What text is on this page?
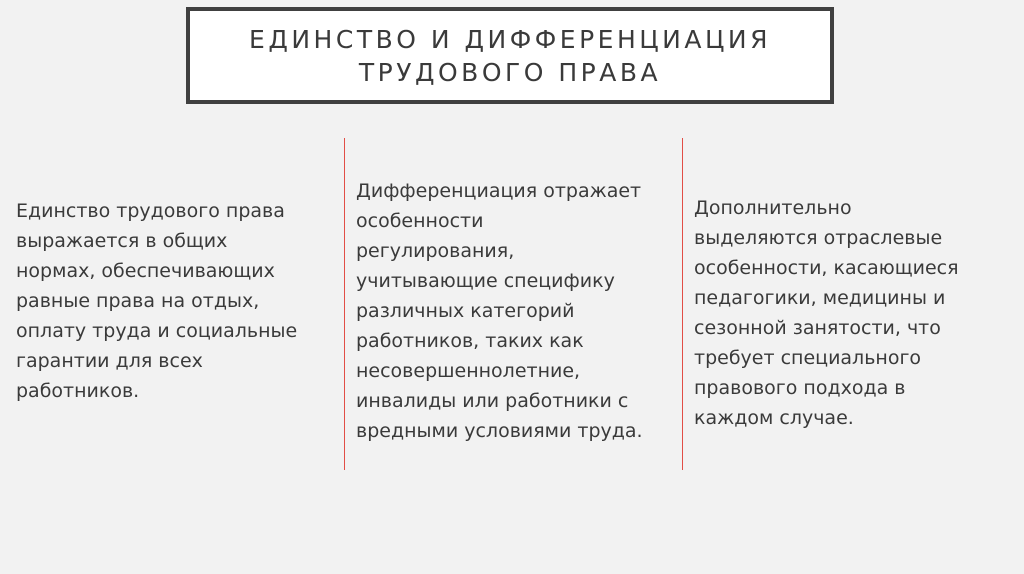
ЕДИНСТВО И ДИФФЕРЕНЦИАЦИЯ
ТРУДОВОГО ПРАВА
Единство трудового права
выражается в общих
нормах, обеспечивающих
равные права на отдых,
оплату труда и социальные
гарантии для всех
работников.
Дифференциация отражает
особенности
регулирования,
учитывающие специфику
различных категорий
работников, таких как
несовершеннолетние,
инвалиды или работники с
вредными условиями труда.
Дополнительно
выделяются отраслевые
особенности, касающиеся
педагогики, медицины и
сезонной занятости, что
требует специального
правового подхода в
каждом случае.
